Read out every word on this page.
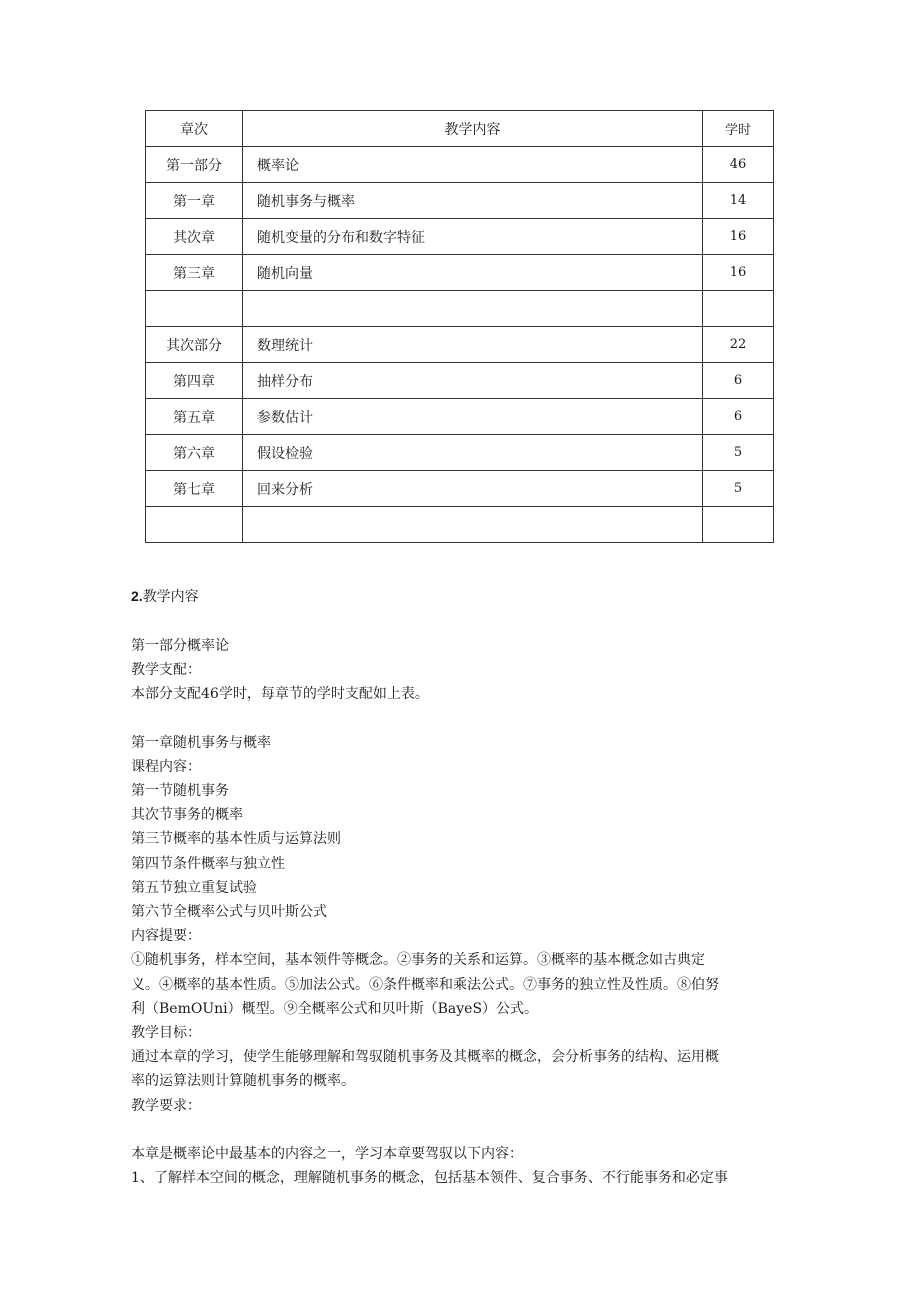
章次	教学内容	学时
第一部分	概率论	46
第一章	随机事务与概率	14
其次章	随机变量的分布和数字特征	16
第三章	随机向量	16

其次部分	数理统计	22
第四章	抽样分布	6
第五章	参数估计	6
第六章	假设检验	5
第七章	回来分析	5

2.教学内容

第一部分概率论

教学支配：

本部分支配46学时，每章节的学时支配如上表。

第一章随机事务与概率

课程内容：

第一节随机事务

其次节事务的概率

第三节概率的基本性质与运算法则

第四节条件概率与独立性

第五节独立重复试验

第六节全概率公式与贝叶斯公式

内容提要：

①随机事务，样本空间，基本领件等概念。②事务的关系和运算。③概率的基本概念如古典定

义。④概率的基本性质。⑤加法公式。⑥条件概率和乘法公式。⑦事务的独立性及性质。⑧伯努

利（BemOUni）概型。⑨全概率公式和贝叶斯（BayeS）公式。

教学目标：

通过本章的学习，使学生能够理解和驾驭随机事务及其概率的概念，会分析事务的结构、运用概

率的运算法则计算随机事务的概率。

教学要求：

本章是概率论中最基本的内容之一，学习本章要驾驭以下内容：

1、了解样本空间的概念，理解随机事务的概念，包括基本领件、复合事务、不行能事务和必定事
